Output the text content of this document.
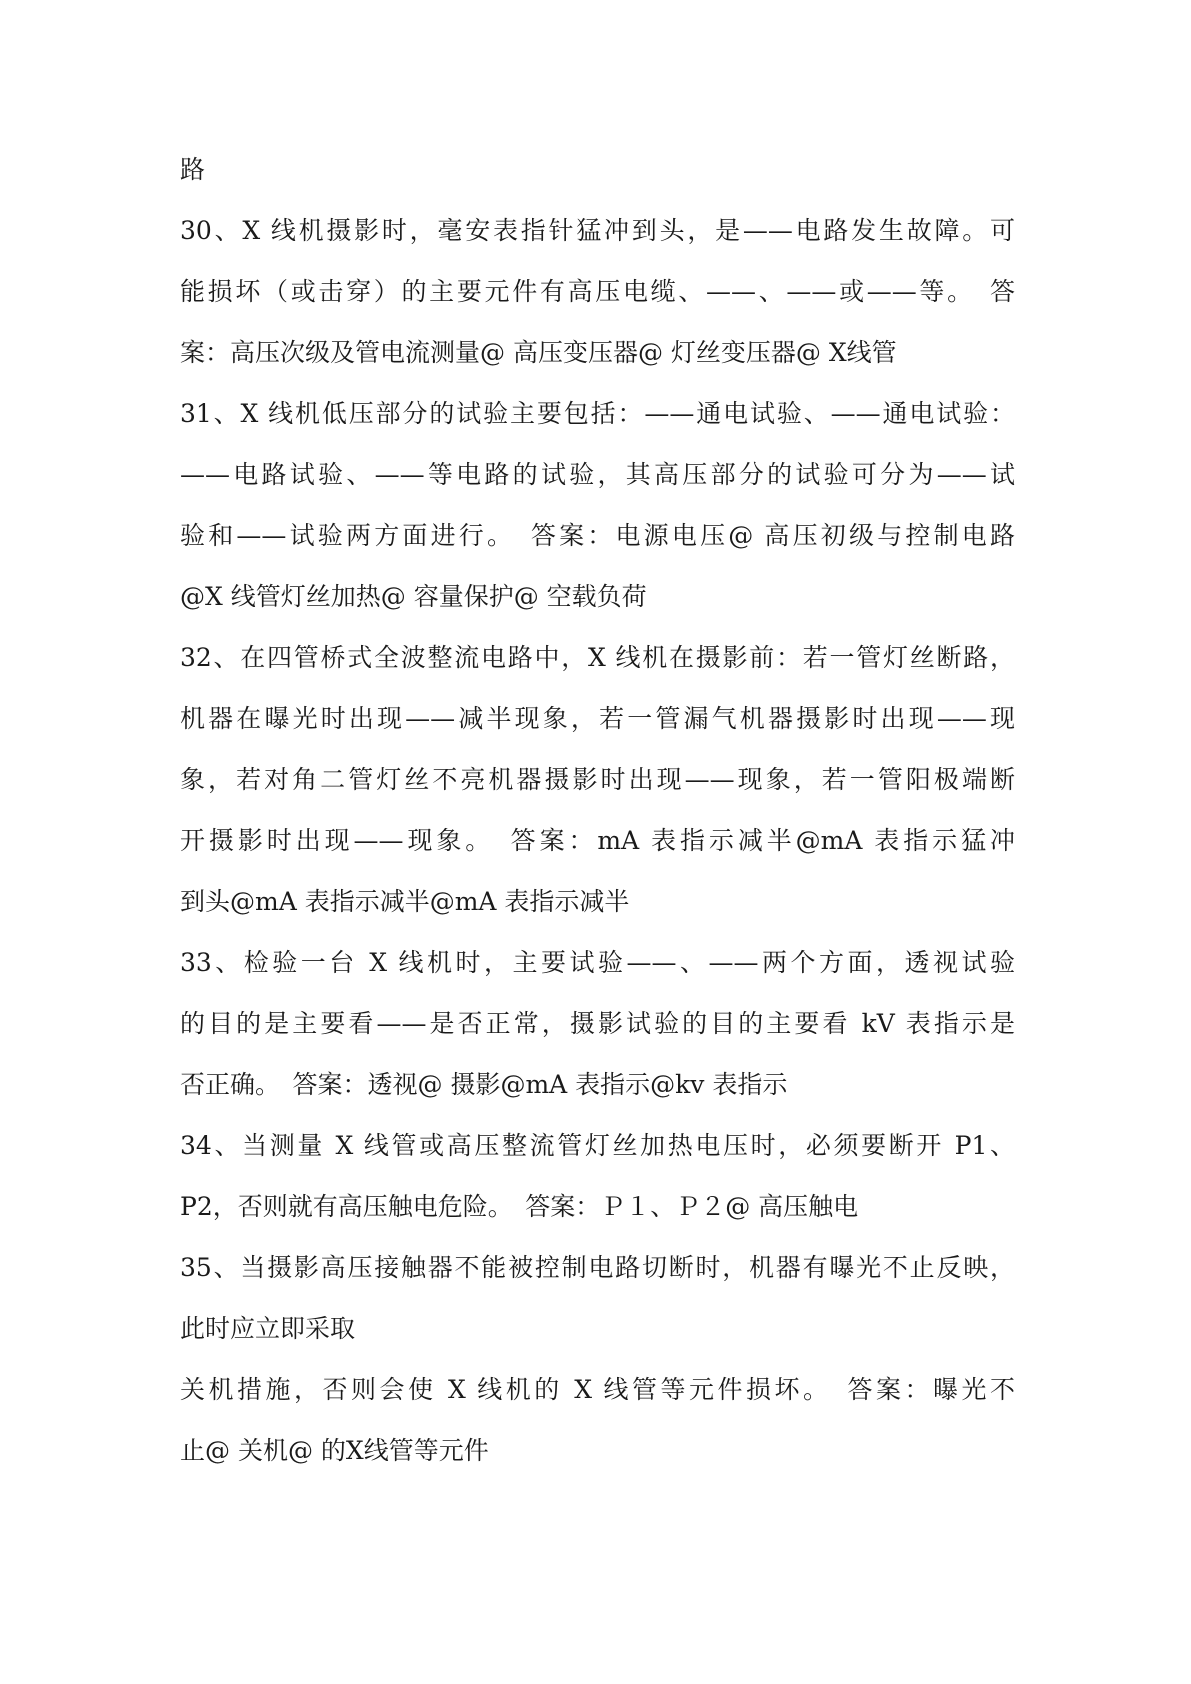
路
30、X 线机摄影时，毫安表指针猛冲到头，是——电路发生故障。可
能损坏（或击穿）的主要元件有高压电缆、——、——或——等。　答
案：高压次级及管电流测量@ 高压变压器@ 灯丝变压器@ X线管
31、X 线机低压部分的试验主要包括：——通电试验、——通电试验：
——电路试验、——等电路的试验，其高压部分的试验可分为——试
验和——试验两方面进行。　答案：电源电压@ 高压初级与控制电路
@X 线管灯丝加热@ 容量保护@ 空载负荷
32、在四管桥式全波整流电路中，X 线机在摄影前：若一管灯丝断路，
机器在曝光时出现——减半现象，若一管漏气机器摄影时出现——现
象，若对角二管灯丝不亮机器摄影时出现——现象，若一管阳极端断
开摄影时出现——现象。　答案：mA 表指示减半@mA 表指示猛冲
到头@mA 表指示减半@mA 表指示减半
33、检验一台 X 线机时，主要试验——、——两个方面，透视试验
的目的是主要看——是否正常，摄影试验的目的主要看 kV 表指示是
否正确。　答案：透视@ 摄影@mA 表指示@kv 表指示
34、当测量 X 线管或高压整流管灯丝加热电压时，必须要断开 P1、
P2，否则就有高压触电危险。　答案：Ｐ１、Ｐ２@ 高压触电
35、当摄影高压接触器不能被控制电路切断时，机器有曝光不止反映，
此时应立即采取
关机措施，否则会使 X 线机的 X 线管等元件损坏。　答案：曝光不
止@ 关机@ 的X线管等元件
